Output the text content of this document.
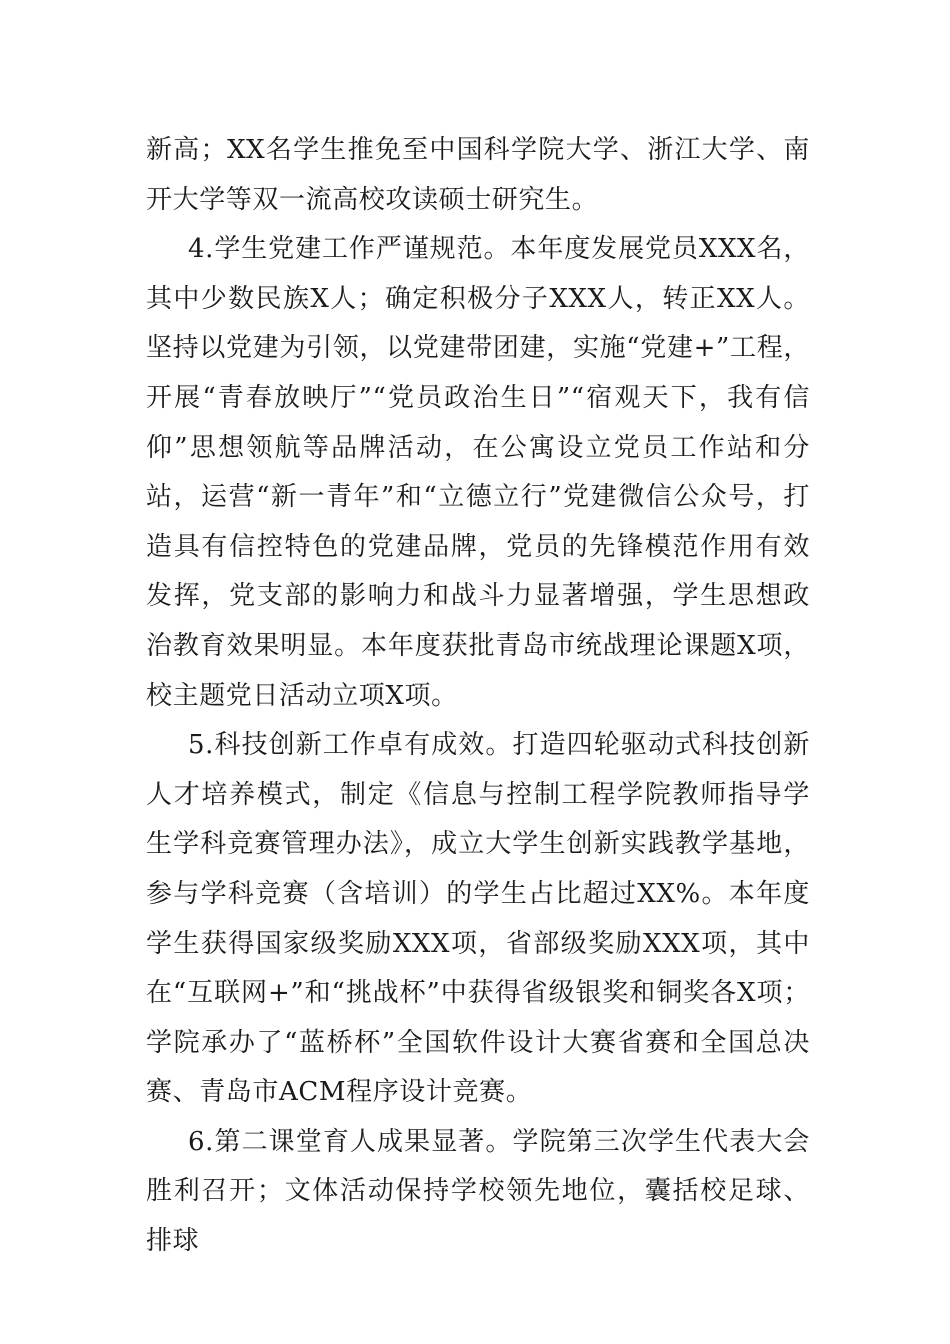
新高；XX名学生推免至中国科学院大学、浙江大学、南开大学等双一流高校攻读硕士研究生。

4.学生党建工作严谨规范。本年度发展党员XXX名，其中少数民族X人；确定积极分子XXX人，转正XX人。坚持以党建为引领，以党建带团建，实施“党建+”工程，开展“青春放映厅”“党员政治生日”“宿观天下，我有信仰”思想领航等品牌活动，在公寓设立党员工作站和分站，运营“新一青年”和“立德立行”党建微信公众号，打造具有信控特色的党建品牌，党员的先锋模范作用有效发挥，党支部的影响力和战斗力显著增强，学生思想政治教育效果明显。本年度获批青岛市统战理论课题X项，校主题党日活动立项X项。

5.科技创新工作卓有成效。打造四轮驱动式科技创新人才培养模式，制定《信息与控制工程学院教师指导学生学科竞赛管理办法》，成立大学生创新实践教学基地，参与学科竞赛（含培训）的学生占比超过XX%。本年度学生获得国家级奖励XXX项，省部级奖励XXX项，其中在“互联网+”和“挑战杯”中获得省级银奖和铜奖各X项；学院承办了“蓝桥杯”全国软件设计大赛省赛和全国总决赛、青岛市ACM程序设计竞赛。

6.第二课堂育人成果显著。学院第三次学生代表大会胜利召开；文体活动保持学校领先地位，囊括校足球、排球
